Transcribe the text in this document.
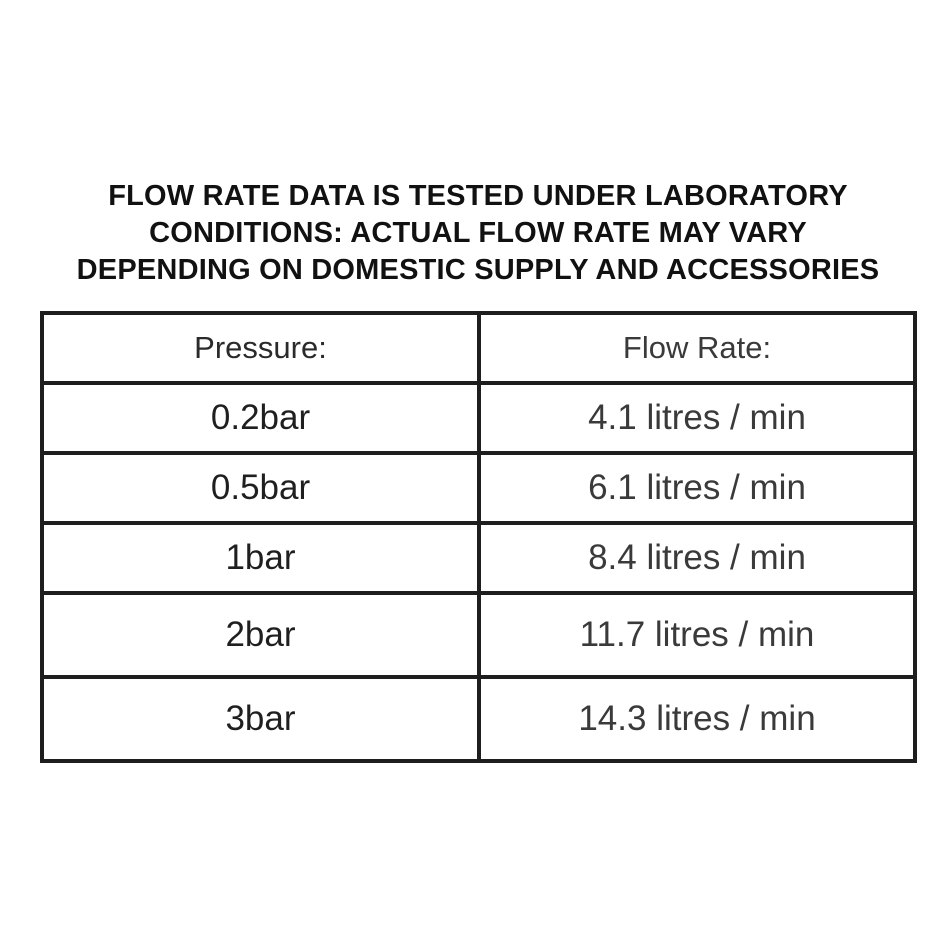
FLOW RATE DATA IS TESTED UNDER LABORATORY
CONDITIONS: ACTUAL FLOW RATE MAY VARY
DEPENDING ON DOMESTIC SUPPLY AND ACCESSORIES
Pressure:	Flow Rate:
0.2bar	4.1 litres / min
0.5bar	6.1 litres / min
1bar	8.4 litres / min
2bar	11.7 litres / min
3bar	14.3 litres / min
